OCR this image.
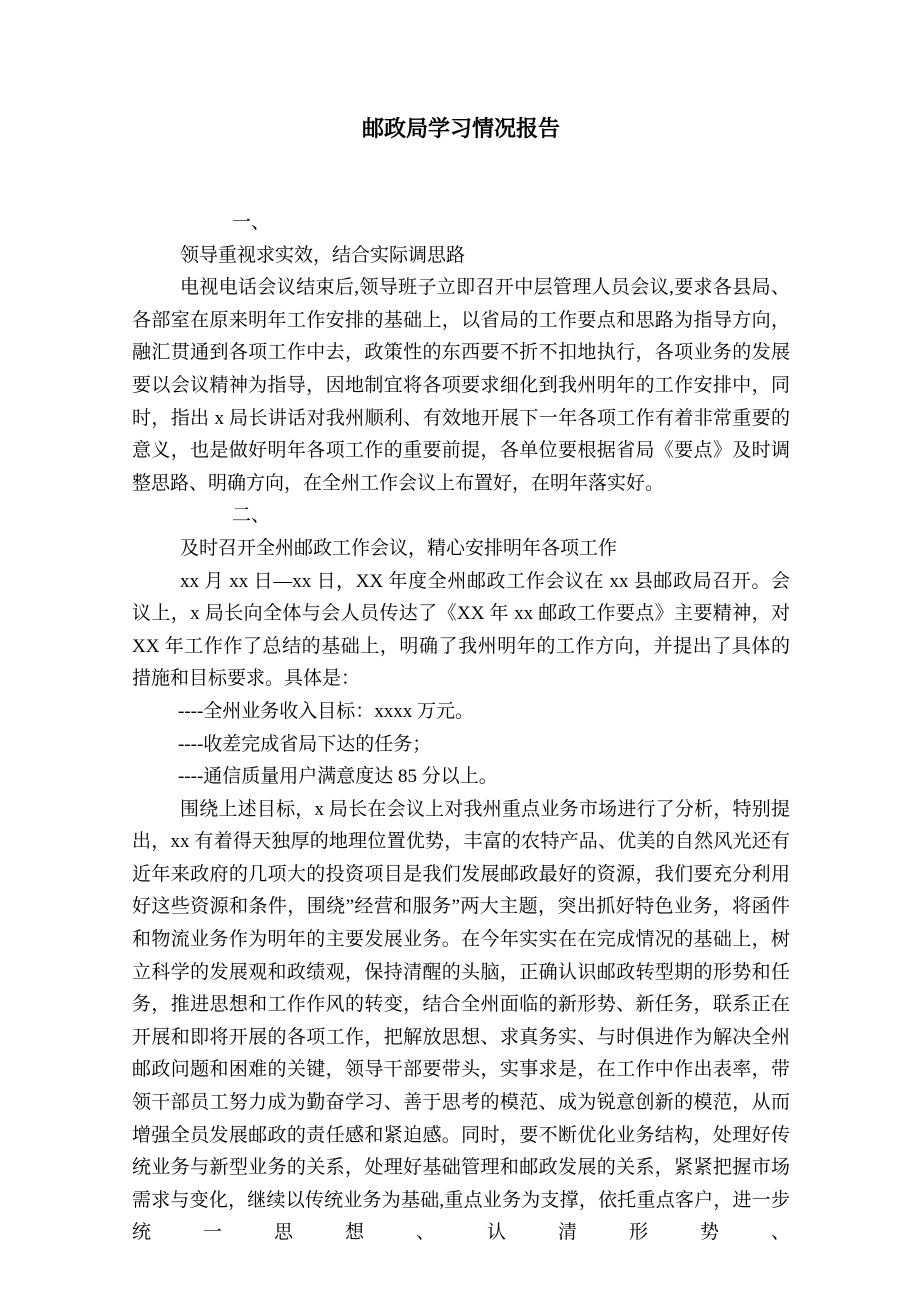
邮政局学习情况报告

一、

领导重视求实效，结合实际调思路

电视电话会议结束后,领导班子立即召开中层管理人员会议,要求各县局、各部室在原来明年工作安排的基础上，以省局的工作要点和思路为指导方向，融汇贯通到各项工作中去，政策性的东西要不折不扣地执行，各项业务的发展要以会议精神为指导，因地制宜将各项要求细化到我州明年的工作安排中，同时，指出 x 局长讲话对我州顺利、有效地开展下一年各项工作有着非常重要的意义，也是做好明年各项工作的重要前提，各单位要根据省局《要点》及时调整思路、明确方向，在全州工作会议上布置好，在明年落实好。

二、

及时召开全州邮政工作会议，精心安排明年各项工作

xx 月 xx 日—xx 日，XX 年度全州邮政工作会议在 xx 县邮政局召开。会议上，x 局长向全体与会人员传达了《XX 年 xx 邮政工作要点》主要精神，对 XX 年工作作了总结的基础上，明确了我州明年的工作方向，并提出了具体的措施和目标要求。具体是：

----全州业务收入目标：xxxx 万元。

----收差完成省局下达的任务；

----通信质量用户满意度达 85 分以上。

围绕上述目标，x 局长在会议上对我州重点业务市场进行了分析，特别提出，xx 有着得天独厚的地理位置优势，丰富的农特产品、优美的自然风光还有近年来政府的几项大的投资项目是我们发展邮政最好的资源，我们要充分利用好这些资源和条件，围绕”经营和服务”两大主题，突出抓好特色业务，将函件和物流业务作为明年的主要发展业务。在今年实实在在完成情况的基础上，树立科学的发展观和政绩观，保持清醒的头脑，正确认识邮政转型期的形势和任务，推进思想和工作作风的转变，结合全州面临的新形势、新任务，联系正在开展和即将开展的各项工作，把解放思想、求真务实、与时俱进作为解决全州邮政问题和困难的关键，领导干部要带头，实事求是，在工作中作出表率，带领干部员工努力成为勤奋学习、善于思考的模范、成为锐意创新的模范，从而增强全员发展邮政的责任感和紧迫感。同时，要不断优化业务结构，处理好传统业务与新型业务的关系，处理好基础管理和邮政发展的关系，紧紧把握市场需求与变化，继续以传统业务为基础,重点业务为支撑，依托重点客户，进一步统一思想、认清形势、
